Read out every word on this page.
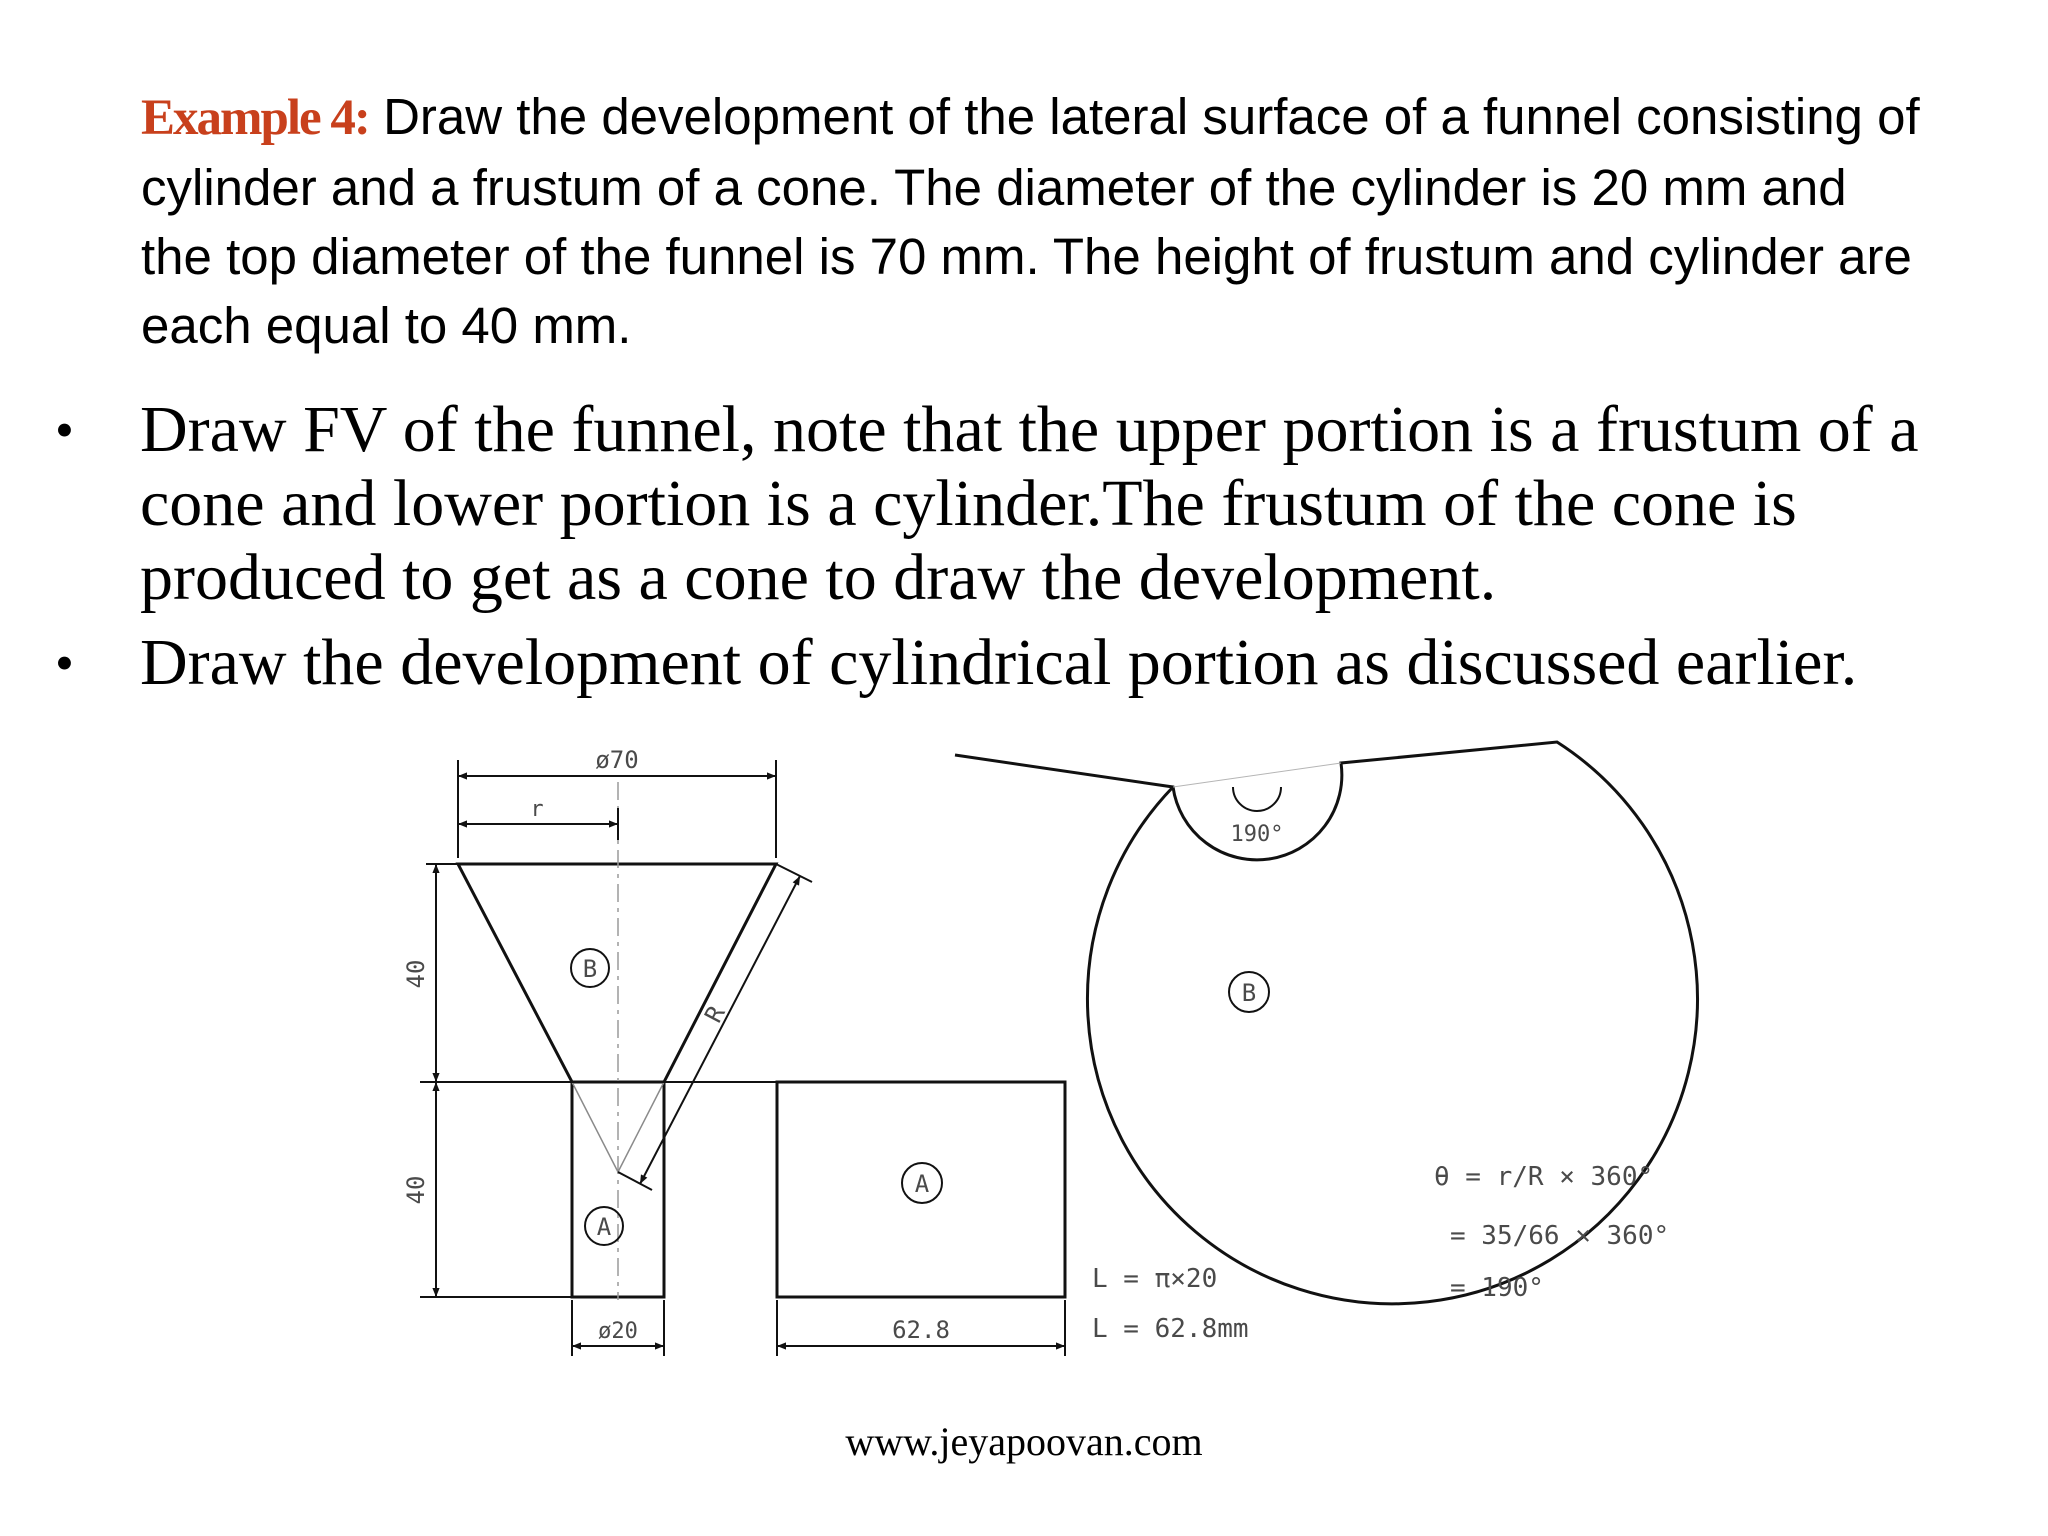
Example 4: Draw the development of the lateral surface of a funnel consisting of cylinder and a frustum of a cone. The diameter of the cylinder is 20 mm and the top diameter of the funnel is 70 mm. The height of frustum and cylinder are each equal to 40 mm.

• Draw FV of the funnel, note that the upper portion is a frustum of a cone and lower portion is a cylinder.The frustum of the cone is produced to get as a cone to draw the development.
• Draw the development of cylindrical portion as discussed earlier.
ø70
r
R
40
40
ø20
B
A
A
62.8
190°
B
L = π×20
L = 62.8mm
θ = r/R × 360°
= 35/66 × 360°
= 190°
www.jeyapoovan.com
